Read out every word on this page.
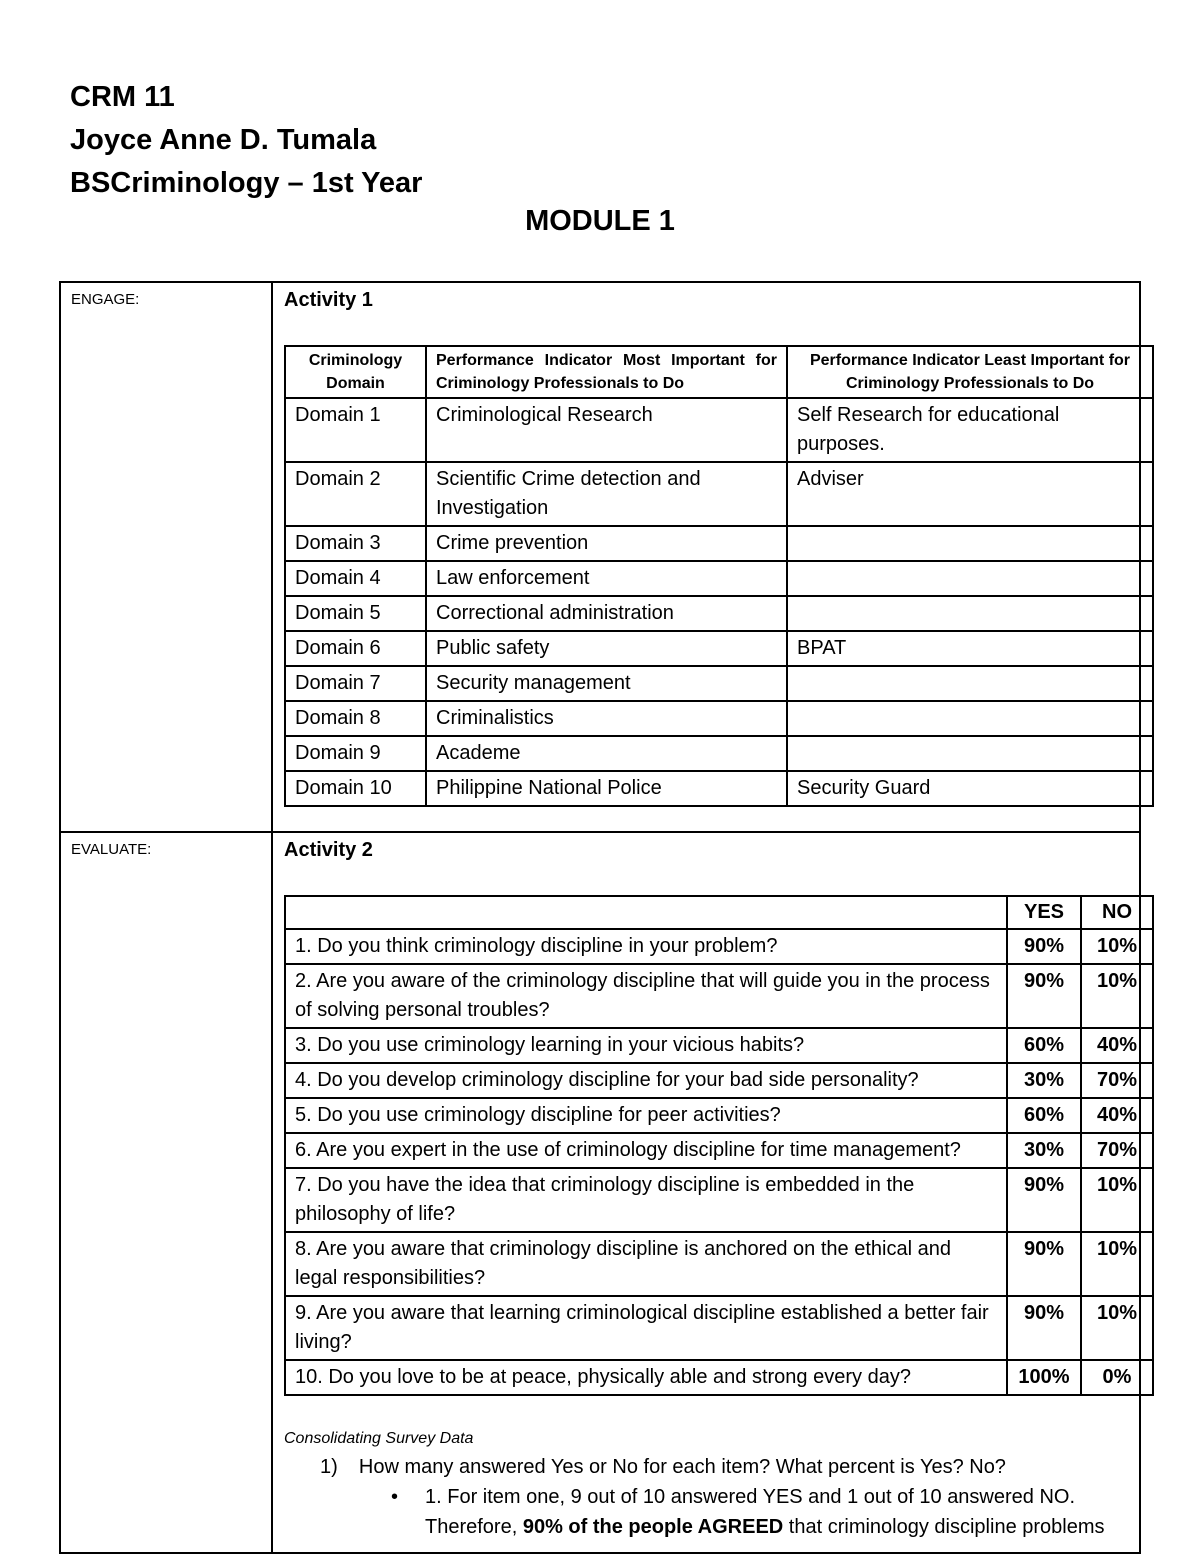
CRM 11
Joyce Anne D. Tumala
BSCriminology – 1st Year
MODULE 1
ENGAGE:	Activity 1
Criminology Domain	Performance Indicator Most Important for Criminology Professionals to Do	Performance Indicator Least Important for Criminology Professionals to Do
Domain 1	Criminological Research	Self Research for educational purposes.
Domain 2	Scientific Crime detection and Investigation	Adviser
Domain 3	Crime prevention	
Domain 4	Law enforcement	
Domain 5	Correctional administration	
Domain 6	Public safety	BPAT
Domain 7	Security management	
Domain 8	Criminalistics	
Domain 9	Academe	
Domain 10	Philippine National Police	Security Guard

EVALUATE:	Activity 2
	YES	NO
1. Do you think criminology discipline in your problem?	90%	10%
2. Are you aware of the criminology discipline that will guide you in the process of solving personal troubles?	90%	10%
3. Do you use criminology learning in your vicious habits?	60%	40%
4. Do you develop criminology discipline for your bad side personality?	30%	70%
5. Do you use criminology discipline for peer activities?	60%	40%
6. Are you expert in the use of criminology discipline for time management?	30%	70%
7. Do you have the idea that criminology discipline is embedded in the philosophy of life?	90%	10%
8. Are you aware that criminology discipline is anchored on the ethical and legal responsibilities?	90%	10%
9. Are you aware that learning criminological discipline established a better fair living?	90%	10%
10. Do you love to be at peace, physically able and strong every day?	100%	0%
Consolidating Survey Data
1) How many answered Yes or No for each item? What percent is Yes? No?
• 1. For item one, 9 out of 10 answered YES and 1 out of 10 answered NO. Therefore, 90% of the people AGREED that criminology discipline problems
